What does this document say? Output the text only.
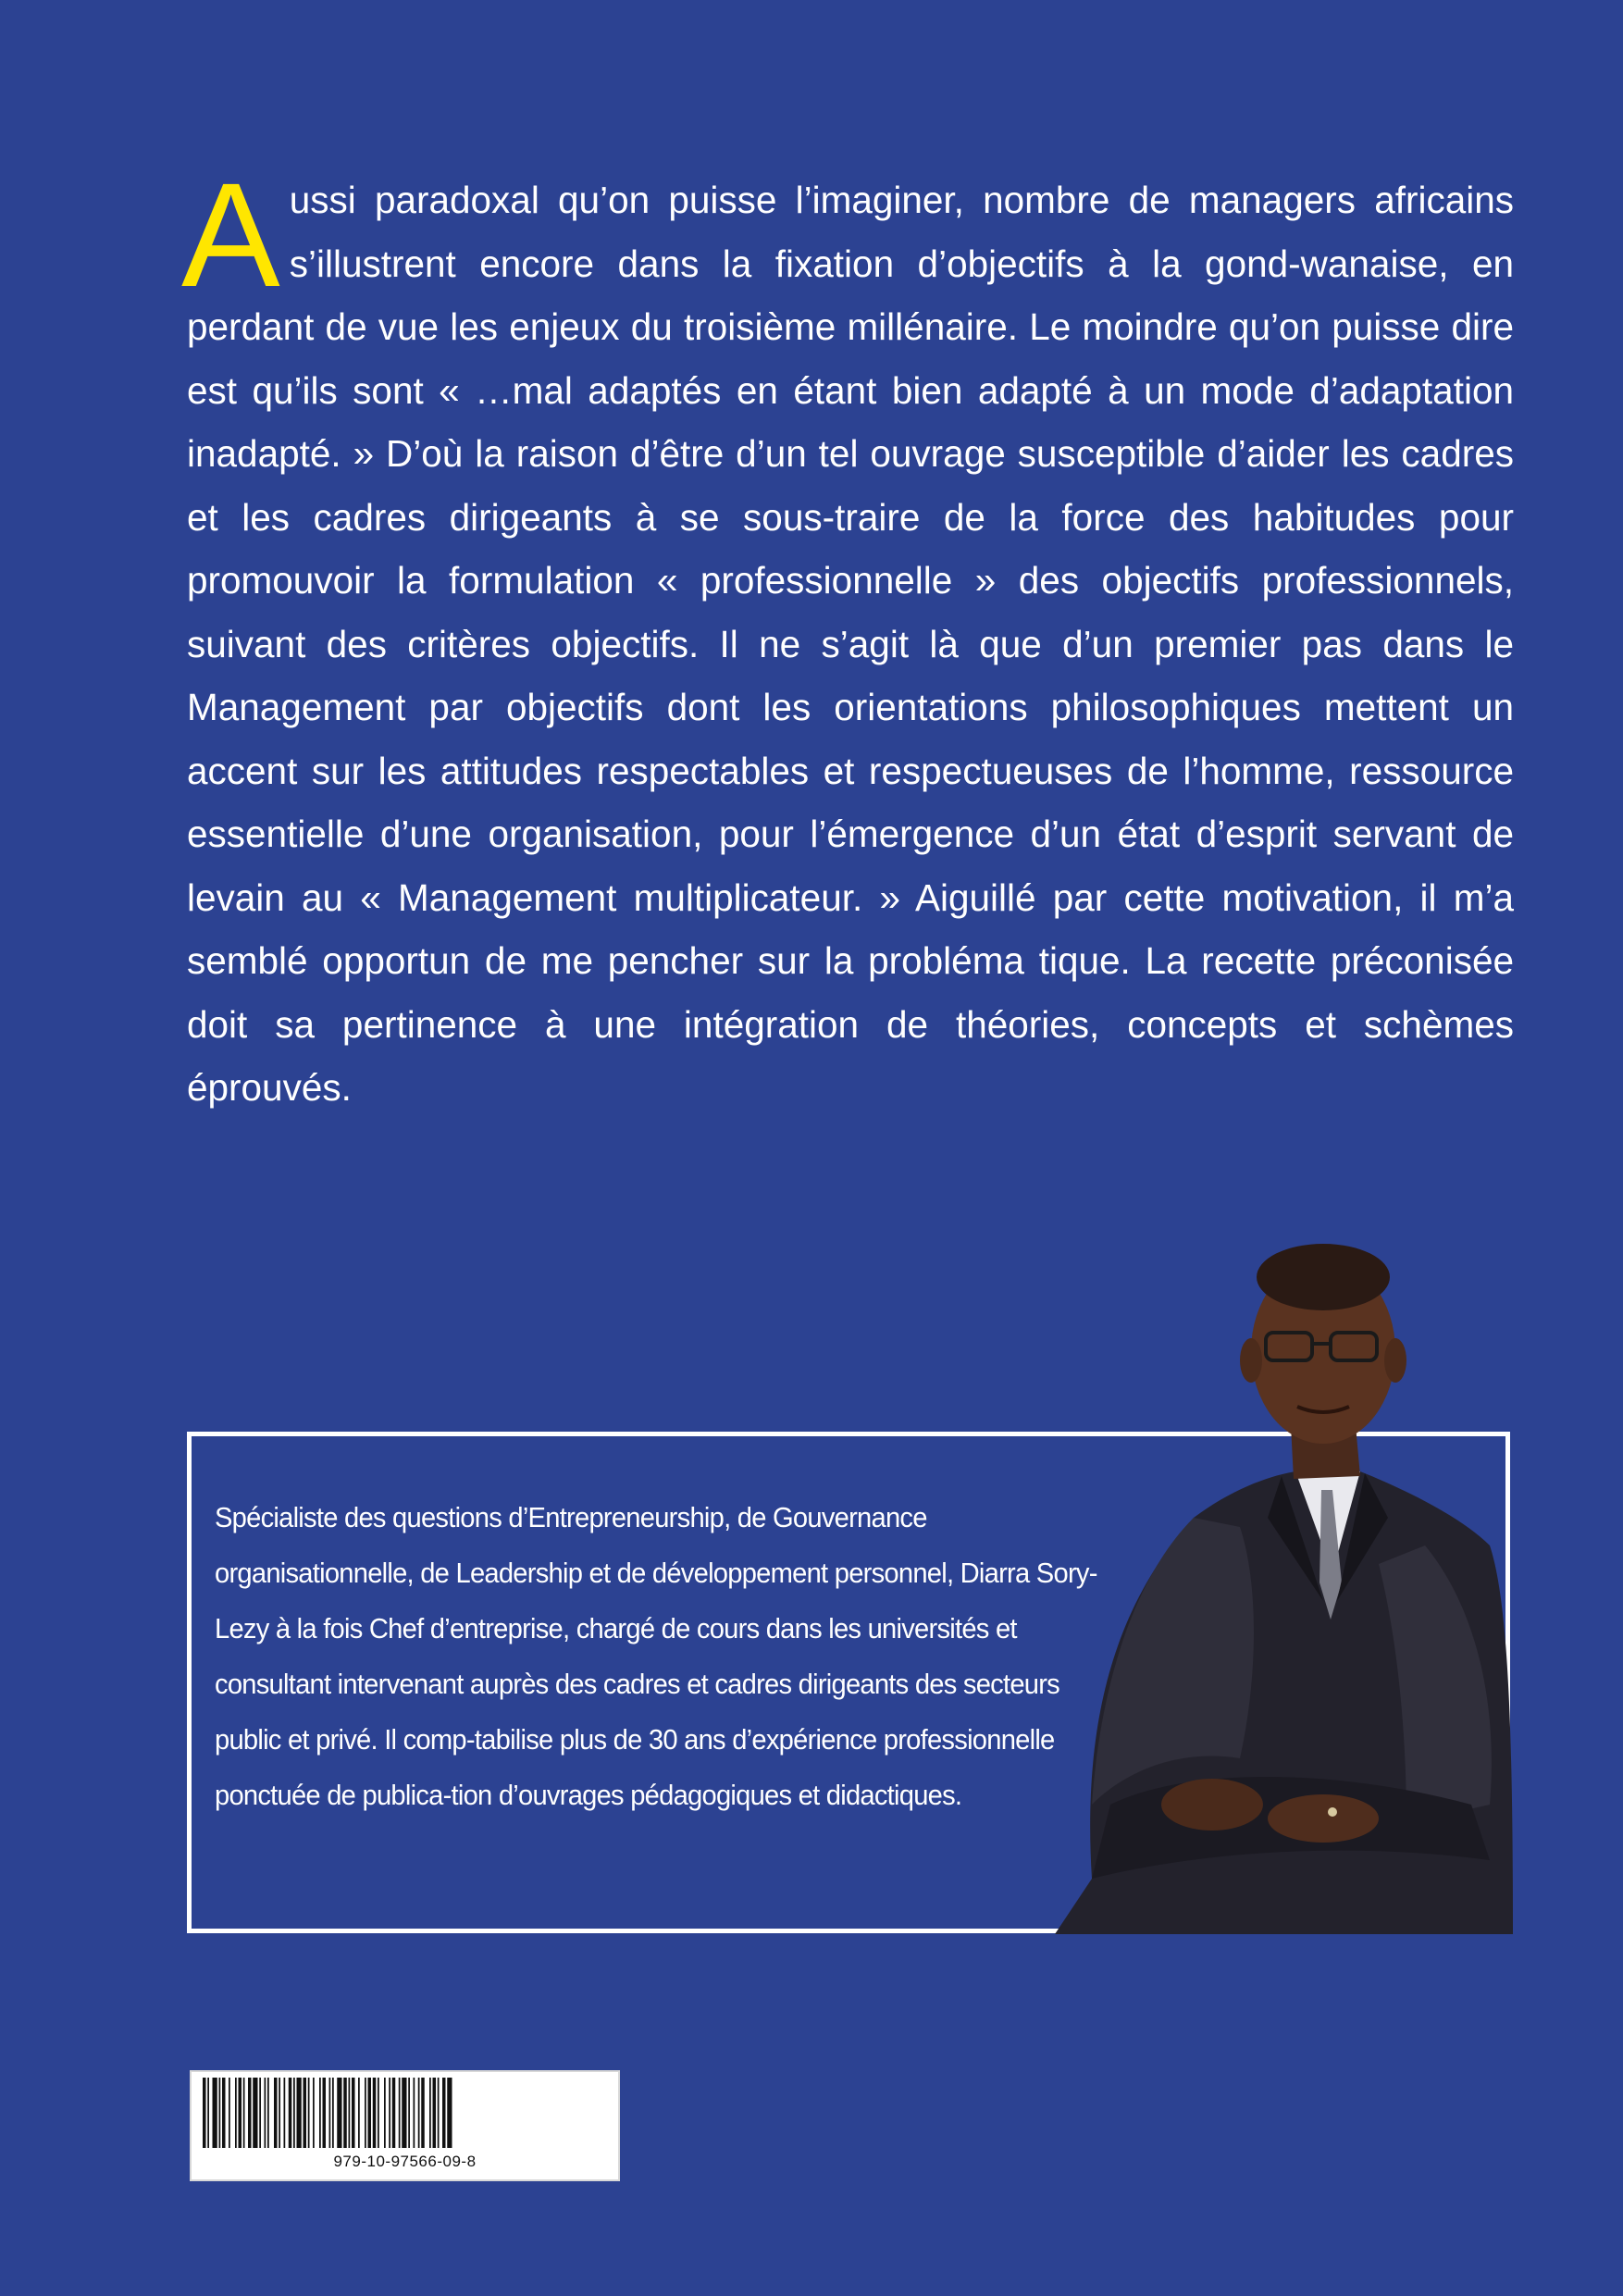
Aussi paradoxal qu’on puisse l’imaginer, nombre de managers africains s’illustrent encore dans la fixation d’objectifs à la gond-wanaise, en perdant de vue les enjeux du troisième millénaire. Le moindre qu’on puisse dire est qu’ils sont « …mal adaptés en étant bien adapté à un mode d’adaptation inadapté. » D’où la raison d’être d’un tel ouvrage susceptible d’aider les cadres et les cadres dirigeants à se sous-traire de la force des habitudes pour promouvoir la formulation « professionnelle » des objectifs professionnels, suivant des critères objectifs. Il ne s’agit là que d’un premier pas dans le Management par objectifs dont les orientations philosophiques mettent un accent sur les attitudes respectables et respectueuses de l’homme, ressource essentielle d’une organisation, pour l’émergence d’un état d’esprit servant de levain au « Management multiplicateur. » Aiguillé par cette motivation, il m’a semblé opportun de me pencher sur la probléma tique. La recette préconisée doit sa pertinence à une intégration de théories, concepts et schèmes éprouvés.

Spécialiste des questions d’Entrepreneurship, de Gouvernance organisationnelle, de Leadership et de développement personnel, Diarra Sory-Lezy à la fois Chef d’entreprise, chargé de cours dans les universités et consultant intervenant auprès des cadres et cadres dirigeants des secteurs public et privé. Il comp-tabilise plus de 30 ans d’expérience professionnelle ponctuée de publica-tion d’ouvrages pédagogiques et didactiques.

979-10-97566-09-8
